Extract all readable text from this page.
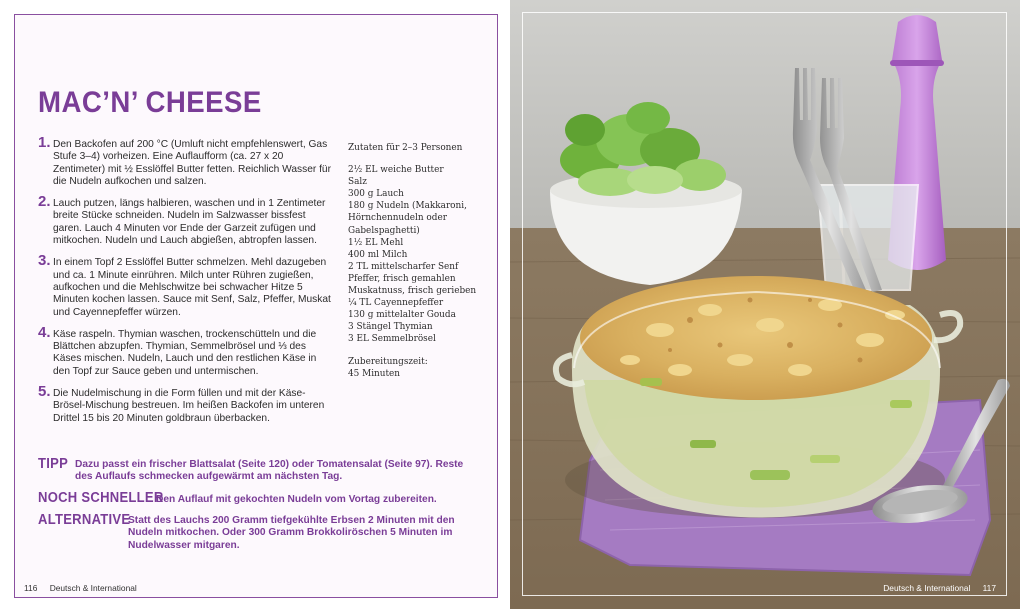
MAC’N’ CHEESE
1. Den Backofen auf 200 °C (Umluft nicht empfehlenswert, Gas Stufe 3–4) vorheizen. Eine Auflaufform (ca. 27 x 20 Zentimeter) mit ½ Esslöffel Butter fetten. Reichlich Wasser für die Nudeln aufkochen und salzen.
2. Lauch putzen, längs halbieren, waschen und in 1 Zentimeter breite Stücke schneiden. Nudeln im Salzwasser bissfest garen. Lauch 4 Minuten vor Ende der Garzeit zufügen und mitkochen. Nudeln und Lauch abgießen, abtropfen lassen.
3. In einem Topf 2 Esslöffel Butter schmelzen. Mehl dazugeben und ca. 1 Minute einrühren. Milch unter Rühren zugießen, aufkochen und die Mehlschwitze bei schwacher Hitze 5 Minuten kochen lassen. Sauce mit Senf, Salz, Pfeffer, Muskat und Cayennepfeffer würzen.
4. Käse raspeln. Thymian waschen, trockenschütteln und die Blättchen abzupfen. Thymian, Semmelbrösel und ⅓ des Käses mischen. Nudeln, Lauch und den restlichen Käse in den Topf zur Sauce geben und untermischen.
5. Die Nudelmischung in die Form füllen und mit der Käse-Brösel-Mischung bestreuen. Im heißen Backofen im unteren Drittel 15 bis 20 Minuten goldbraun überbacken.
Zutaten für 2–3 Personen
2½ EL weiche Butter
Salz
300 g Lauch
180 g Nudeln (Makkaroni,
Hörnchennudeln oder
Gabelspaghetti)
1½ EL Mehl
400 ml Milch
2 TL mittelscharfer Senf
Pfeffer, frisch gemahlen
Muskatnuss, frisch gerieben
¼ TL Cayennepfeffer
130 g mittelalter Gouda
3 Stängel Thymian
3 EL Semmelbrösel
Zubereitungszeit:
45 Minuten
TIPP Dazu passt ein frischer Blattsalat (Seite 120) oder Tomatensalat (Seite 97). Reste des Auflaufs schmecken aufgewärmt am nächsten Tag.
NOCH SCHNELLER
Den Auflauf mit gekochten Nudeln vom Vortag zubereiten.
ALTERNATIVE
Statt des Lauchs 200 Gramm tiefgekühlte Erbsen 2 Minuten mit den Nudeln mitkochen. Oder 300 Gramm Brokkoliröschen 5 Minuten im Nudelwasser mitgaren.
116 Deutsch & International	Deutsch & International 117
